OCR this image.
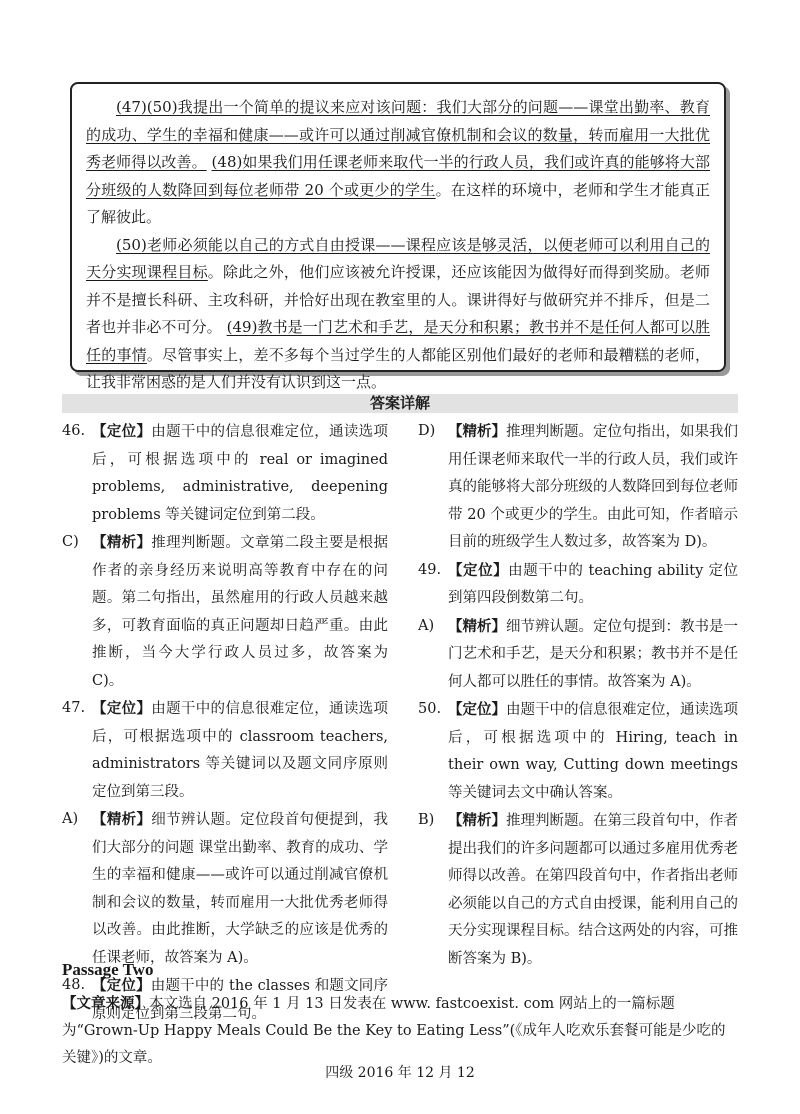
(47)(50)我提出一个简单的提议来应对该问题：我们大部分的问题——课堂出勤率、教育的成功、学生的幸福和健康——或许可以通过削减官僚机制和会议的数量，转而雇用一大批优秀老师得以改善。 (48)如果我们用任课老师来取代一半的行政人员，我们或许真的能够将大部分班级的人数降回到每位老师带 20 个或更少的学生。在这样的环境中，老师和学生才能真正了解彼此。

(50)老师必须能以自己的方式自由授课——课程应该是够灵活，以便老师可以利用自己的天分实现课程目标。除此之外，他们应该被允许授课，还应该能因为做得好而得到奖励。老师并不是擅长科研、主攻科研，并恰好出现在教室里的人。课讲得好与做研究并不排斥，但是二者也并非必不可分。 (49)教书是一门艺术和手艺，是天分和积累；教书并不是任何人都可以胜任的事情。尽管事实上，差不多每个当过学生的人都能区别他们最好的老师和最糟糕的老师，让我非常困惑的是人们并没有认识到这一点。

答案详解

46. 【定位】由题干中的信息很难定位，通读选项后，可根据选项中的 real or imagined problems, administrative, deepening problems 等关键词定位到第二段。

C) 【精析】推理判断题。文章第二段主要是根据作者的亲身经历来说明高等教育中存在的问题。第二句指出，虽然雇用的行政人员越来越多，可教育面临的真正问题却日趋严重。由此推断，当今大学行政人员过多，故答案为 C)。

47. 【定位】由题干中的信息很难定位，通读选项后，可根据选项中的 classroom teachers, administrators 等关键词以及题文同序原则定位到第三段。

A) 【精析】细节辨认题。定位段首句便提到，我们大部分的问题 课堂出勤率、教育的成功、学生的幸福和健康——或许可以通过削减官僚机制和会议的数量，转而雇用一大批优秀老师得以改善。由此推断，大学缺乏的应该是优秀的任课老师，故答案为 A)。

48. 【定位】由题干中的 the classes 和题文同序原则定位到第三段第二句。

D) 【精析】推理判断题。定位句指出，如果我们用任课老师来取代一半的行政人员，我们或许真的能够将大部分班级的人数降回到每位老师带 20 个或更少的学生。由此可知，作者暗示目前的班级学生人数过多，故答案为 D)。

49. 【定位】由题干中的 teaching ability 定位到第四段倒数第二句。

A) 【精析】细节辨认题。定位句提到：教书是一门艺术和手艺，是天分和积累；教书并不是任何人都可以胜任的事情。故答案为 A)。

50. 【定位】由题干中的信息很难定位，通读选项后，可根据选项中的 Hiring, teach in their own way, Cutting down meetings 等关键词去文中确认答案。

B) 【精析】推理判断题。在第三段首句中，作者提出我们的许多问题都可以通过多雇用优秀老师得以改善。在第四段首句中，作者指出老师必须能以自己的方式自由授课，能利用自己的天分实现课程目标。结合这两处的内容，可推断答案为 B)。

Passage Two
【文章来源】本文选自 2016 年 1 月 13 日发表在 www. fastcoexist. com 网站上的一篇标题为“Grown-Up Happy Meals Could Be the Key to Eating Less”(《成年人吃欢乐套餐可能是少吃的关键》)的文章。
四级 2016 年 12 月 12
